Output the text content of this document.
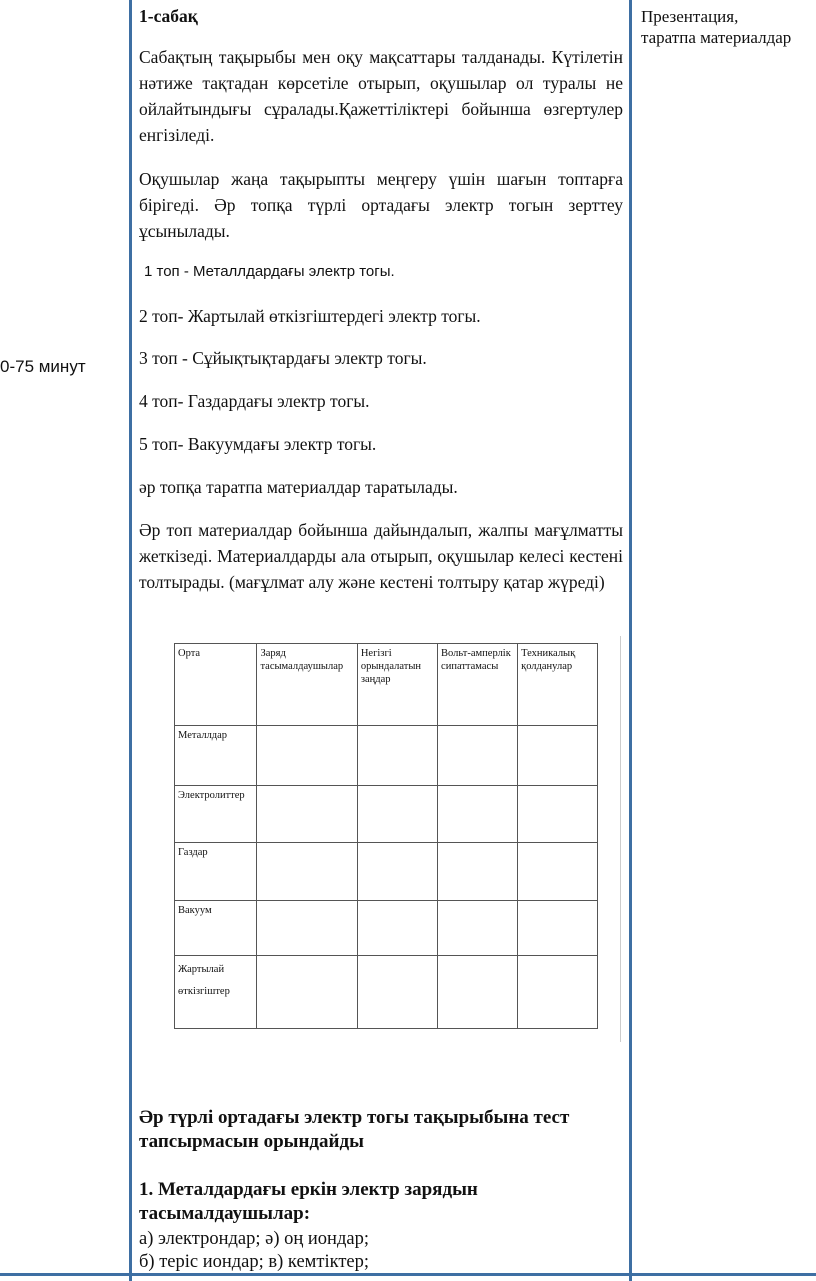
0-75 минут
Презентация,
таратпа материалдар
1-сабақ

Сабақтың тақырыбы мен оқу мақсаттары талданады. Күтілетін нәтиже тақтадан көрсетіле отырып, оқушылар ол туралы не ойлайтындығы сұралады.Қажеттіліктері бойынша өзгертулер енгізіледі.

Оқушылар жаңа тақырыпты меңгеру үшін шағын топтарға бірігеді. Әр топқа түрлі ортадағы электр тогын зерттеу ұсынылады.

1 топ - Металлдардағы электр тогы.
2 топ- Жартылай өткізгіштердегі электр тогы.
3 топ - Сұйықтықтардағы электр тогы.
4 топ- Газдардағы электр тогы.
5 топ- Вакуумдағы электр тогы.
әр топқа таратпа материалдар таратылады.

Әр топ материалдар бойынша дайындалып, жалпы мағұлматты жеткізеді. Материалдарды ала отырып, оқушылар келесі кестені толтырады. (мағұлмат алу және кестені толтыру қатар жүреді)

Орта	Заряд тасымалдаушылар	Негізгі орындалатын заңдар	Вольт-амперлік сипаттамасы	Техникалық қолданулар
Металлдар				
Электролиттер				
Газдар				
Вакуум				
Жартылай өткізгіштер				

Әр түрлі ортадағы электр тогы тақырыбына тест тапсырмасын орындайды

1. Металдардағы еркін электр зарядын тасымалдаушылар:

а) электрондар; ә) оң иондар;
б) теріс иондар; в) кемтіктер;
